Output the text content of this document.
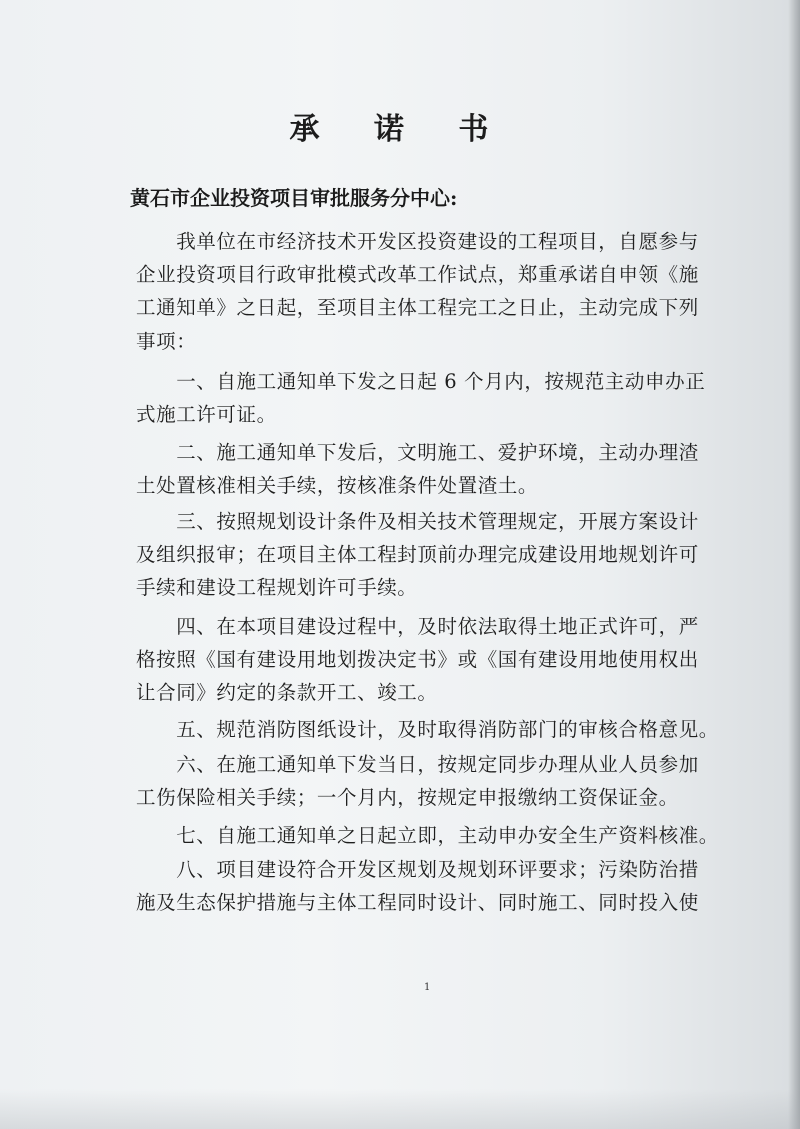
承 诺 书
黄石市企业投资项目审批服务分中心:
　　我单位在市经济技术开发区投资建设的工程项目，自愿参与
企业投资项目行政审批模式改革工作试点，郑重承诺自申领《施
工通知单》之日起，至项目主体工程完工之日止，主动完成下列
事项：
　　一、自施工通知单下发之日起 6 个月内，按规范主动申办正
式施工许可证。
　　二、施工通知单下发后，文明施工、爱护环境，主动办理渣
土处置核准相关手续，按核准条件处置渣土。
　　三、按照规划设计条件及相关技术管理规定，开展方案设计
及组织报审；在项目主体工程封顶前办理完成建设用地规划许可
手续和建设工程规划许可手续。
　　四、在本项目建设过程中，及时依法取得土地正式许可，严
格按照《国有建设用地划拨决定书》或《国有建设用地使用权出
让合同》约定的条款开工、竣工。
　　五、规范消防图纸设计，及时取得消防部门的审核合格意见。
　　六、在施工通知单下发当日，按规定同步办理从业人员参加
工伤保险相关手续；一个月内，按规定申报缴纳工资保证金。
　　七、自施工通知单之日起立即，主动申办安全生产资料核准。
　　八、项目建设符合开发区规划及规划环评要求；污染防治措
施及生态保护措施与主体工程同时设计、同时施工、同时投入使
1
